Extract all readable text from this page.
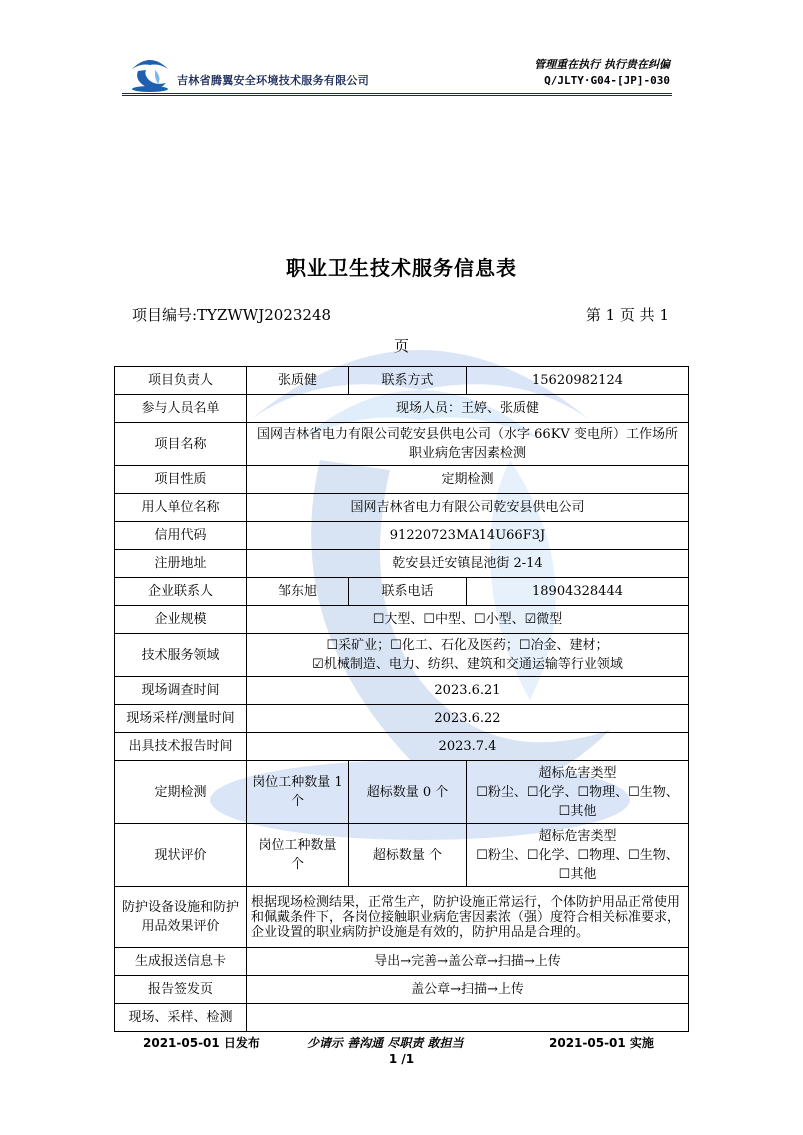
吉林省腾翼安全环境技术服务有限公司
管理重在执行 执行贵在纠偏
Q/JLTY·G04-[JP]-030
职业卫生技术服务信息表
项目编号:TYZWWJ2023248	第 1 页 共 1
页
项目负责人	张质健	联系方式	15620982124
参与人员名单	现场人员：王婷、张质健		
项目名称	国网吉林省电力有限公司乾安县供电公司（水字 66KV 变电所）工作场所职业病危害因素检测		
项目性质	定期检测		
用人单位名称	国网吉林省电力有限公司乾安县供电公司		
信用代码	91220723MA14U66F3J		
注册地址	乾安县迁安镇昆池街 2-14		
企业联系人	邹东旭	联系电话	18904328444
企业规模	☐大型、☐中型、☐小型、☑微型		
技术服务领域	☐采矿业；☐化工、石化及医药；☐冶金、建材；
☑机械制造、电力、纺织、建筑和交通运输等行业领域		

现场调查时间	2023.6.21		
现场采样/测量时间	2023.6.22		
出具技术报告时间	2023.7.4		
定期检测	岗位工种数量 1 个	超标数量 0 个	超标危害类型
☐粉尘、☐化学、☐物理、☐生物、☐其他

现状评价	岗位工种数量 个	超标数量 个	超标危害类型
☐粉尘、☐化学、☐物理、☐生物、☐其他

防护设备设施和防护用品效果评价	根据现场检测结果，正常生产，防护设施正常运行，个体防护用品正常使用和佩戴条件下，各岗位接触职业病危害因素浓（强）度符合相关标准要求，企业设置的职业病防护设施是有效的，防护用品是合理的。		
生成报送信息卡	导出→完善→盖公章→扫描→上传		
报告签发页	盖公章→扫描→上传		
现场、采样、检测			
2021-05-01 日发布	少请示 善沟通 尽职责 敢担当	2021-05-01 实施
1 /1
